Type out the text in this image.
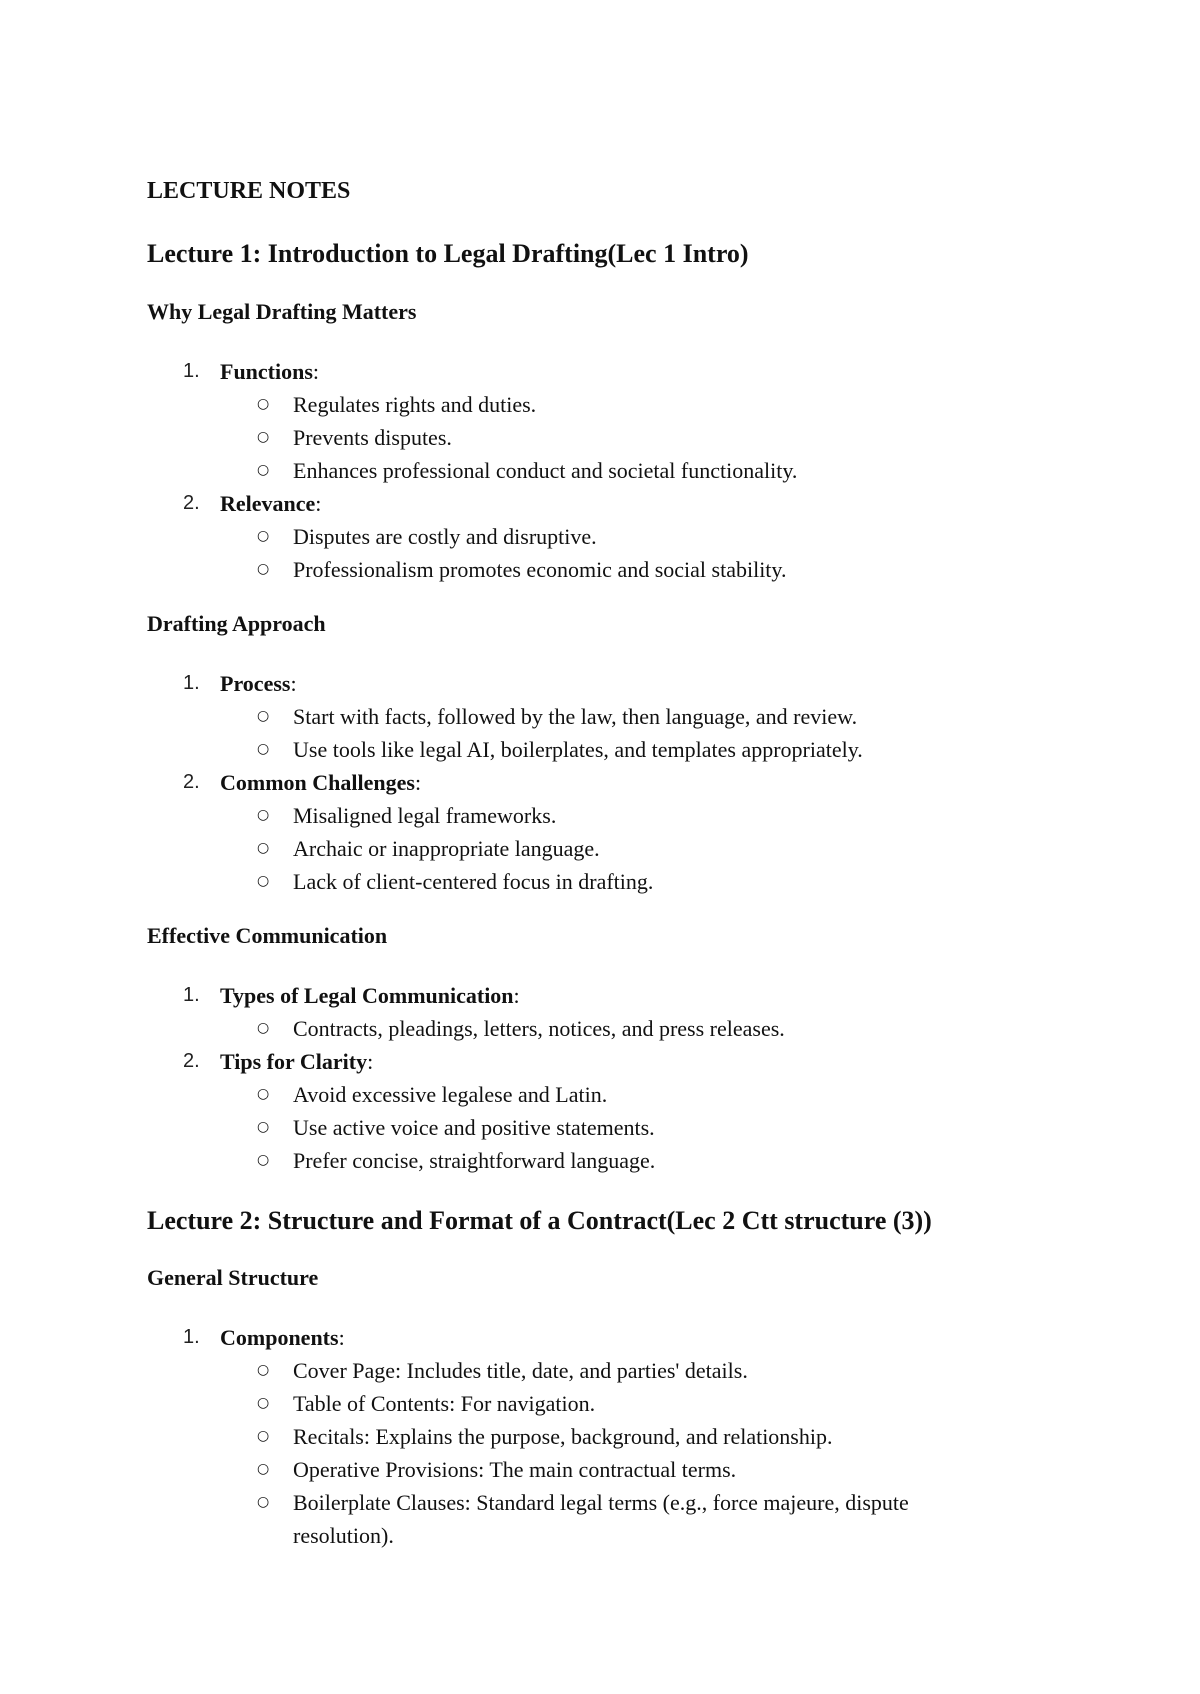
LECTURE NOTES
Lecture 1: Introduction to Legal Drafting(Lec 1 Intro)
Why Legal Drafting Matters
1. Functions:
○ Regulates rights and duties.
○ Prevents disputes.
○ Enhances professional conduct and societal functionality.
2. Relevance:
○ Disputes are costly and disruptive.
○ Professionalism promotes economic and social stability.
Drafting Approach
1. Process:
○ Start with facts, followed by the law, then language, and review.
○ Use tools like legal AI, boilerplates, and templates appropriately.
2. Common Challenges:
○ Misaligned legal frameworks.
○ Archaic or inappropriate language.
○ Lack of client-centered focus in drafting.
Effective Communication
1. Types of Legal Communication:
○ Contracts, pleadings, letters, notices, and press releases.
2. Tips for Clarity:
○ Avoid excessive legalese and Latin.
○ Use active voice and positive statements.
○ Prefer concise, straightforward language.
Lecture 2: Structure and Format of a Contract(Lec 2 Ctt structure (3))
General Structure
1. Components:
○ Cover Page: Includes title, date, and parties' details.
○ Table of Contents: For navigation.
○ Recitals: Explains the purpose, background, and relationship.
○ Operative Provisions: The main contractual terms.
○ Boilerplate Clauses: Standard legal terms (e.g., force majeure, dispute resolution).
